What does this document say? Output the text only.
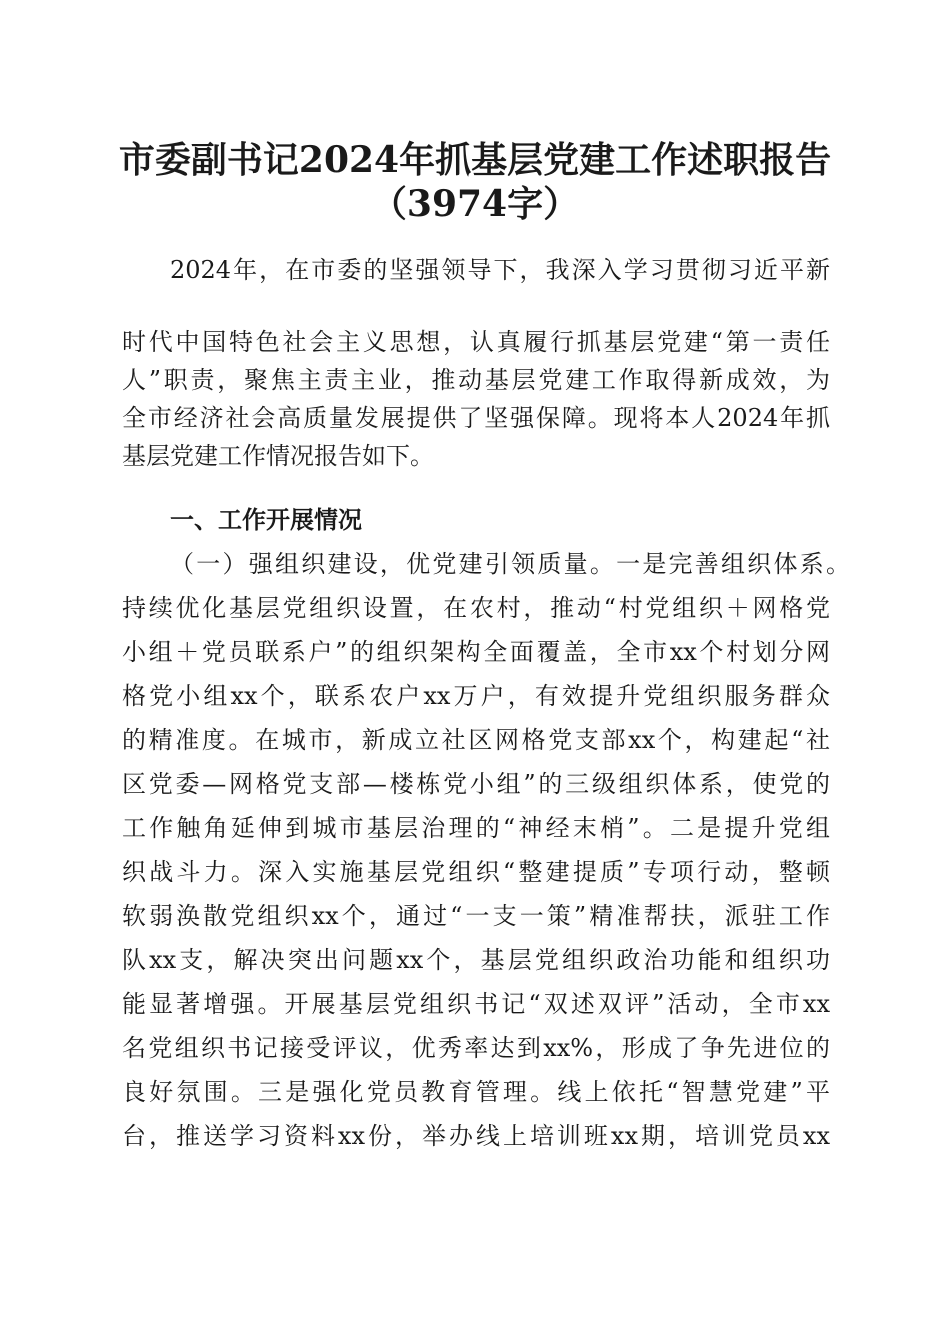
市委副书记2024年抓基层党建工作述职报告
（3974字）
2024年，在市委的坚强领导下，我深入学习贯彻习近平新
时代中国特色社会主义思想，认真履行抓基层党建“第一责任
人”职责，聚焦主责主业，推动基层党建工作取得新成效，为
全市经济社会高质量发展提供了坚强保障。现将本人2024年抓
基层党建工作情况报告如下。
一、工作开展情况
（一）强组织建设，优党建引领质量。一是完善组织体系。
持续优化基层党组织设置，在农村，推动“村党组织＋网格党
小组＋党员联系户”的组织架构全面覆盖，全市xx个村划分网
格党小组xx个，联系农户xx万户，有效提升党组织服务群众
的精准度。在城市，新成立社区网格党支部xx个，构建起“社
区党委—网格党支部—楼栋党小组”的三级组织体系，使党的
工作触角延伸到城市基层治理的“神经末梢”。二是提升党组
织战斗力。深入实施基层党组织“整建提质”专项行动，整顿
软弱涣散党组织xx个，通过“一支一策”精准帮扶，派驻工作
队xx支，解决突出问题xx个，基层党组织政治功能和组织功
能显著增强。开展基层党组织书记“双述双评”活动，全市xx
名党组织书记接受评议，优秀率达到xx%，形成了争先进位的
良好氛围。三是强化党员教育管理。线上依托“智慧党建”平
台，推送学习资料xx份，举办线上培训班xx期，培训党员xx
